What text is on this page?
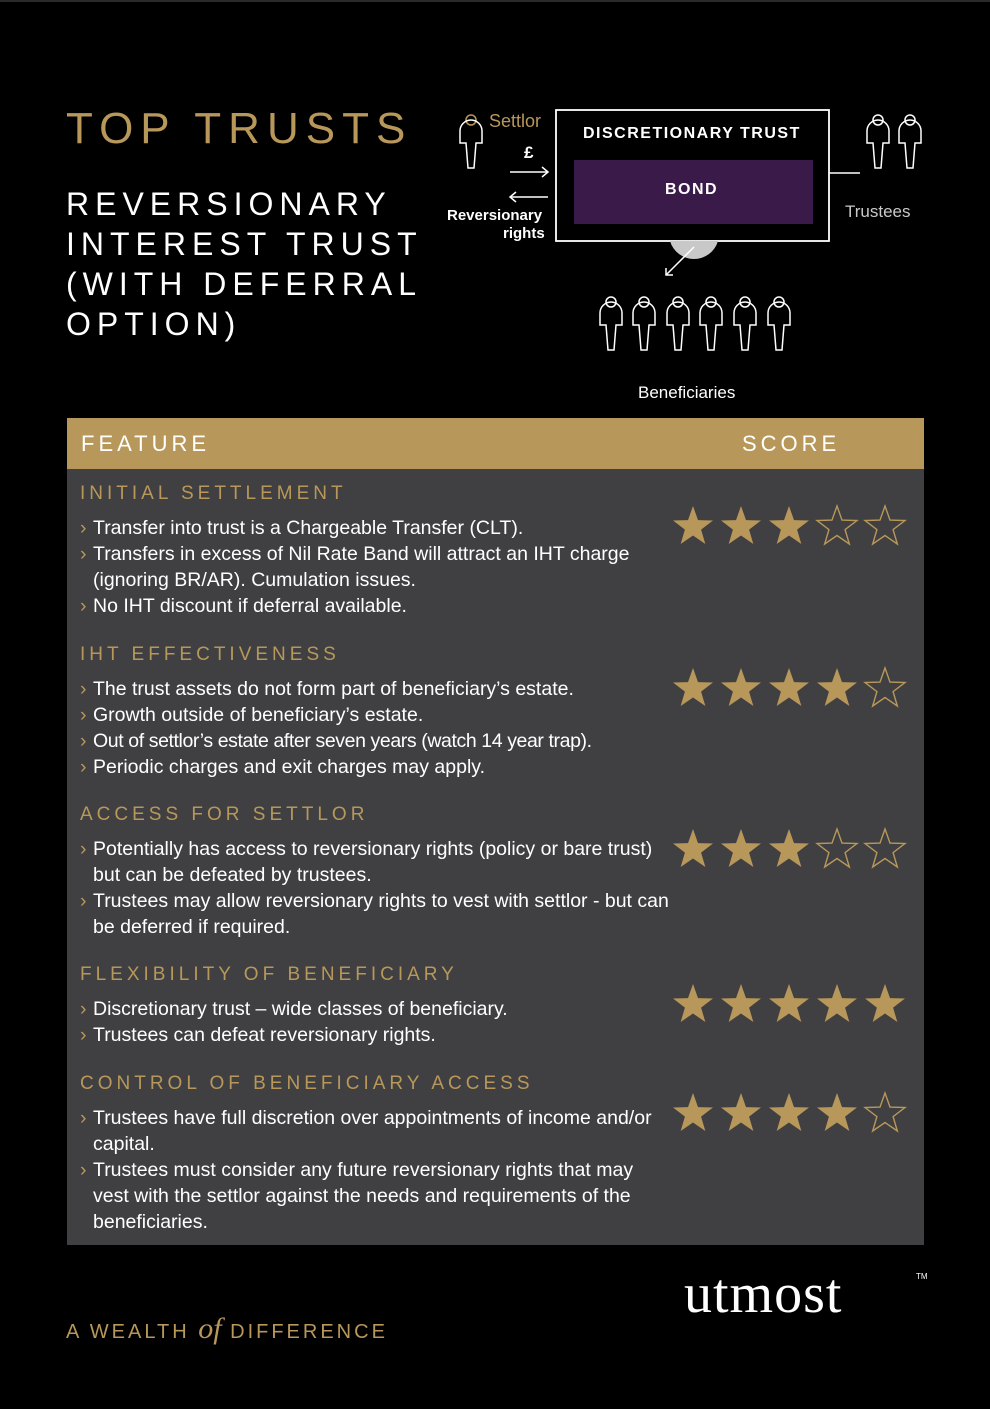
TOP TRUSTS
REVERSIONARY
INTEREST TRUST
(WITH DEFERRAL
OPTION)
Settlor
£
Reversionary
rights
DISCRETIONARY TRUST
BOND
Trustees
Beneficiaries
FEATURE	SCORE
INITIAL SETTLEMENT
› Transfer into trust is a Chargeable Transfer (CLT).
› Transfers in excess of Nil Rate Band will attract an IHT charge (ignoring BR/AR). Cumulation issues.
› No IHT discount if deferral available.
IHT EFFECTIVENESS
› The trust assets do not form part of beneficiary’s estate.
› Growth outside of beneficiary’s estate.
› Out of settlor’s estate after seven years (watch 14 year trap).
› Periodic charges and exit charges may apply.
ACCESS FOR SETTLOR
› Potentially has access to reversionary rights (policy or bare trust) but can be defeated by trustees.
› Trustees may allow reversionary rights to vest with settlor - but can be deferred if required.
FLEXIBILITY OF BENEFICIARY
› Discretionary trust – wide classes of beneficiary.
› Trustees can defeat reversionary rights.
CONTROL OF BENEFICIARY ACCESS
› Trustees have full discretion over appointments of income and/or capital.
› Trustees must consider any future reversionary rights that may vest with the settlor against the needs and requirements of the beneficiaries.
A WEALTH of DIFFERENCE
utmost	TM
